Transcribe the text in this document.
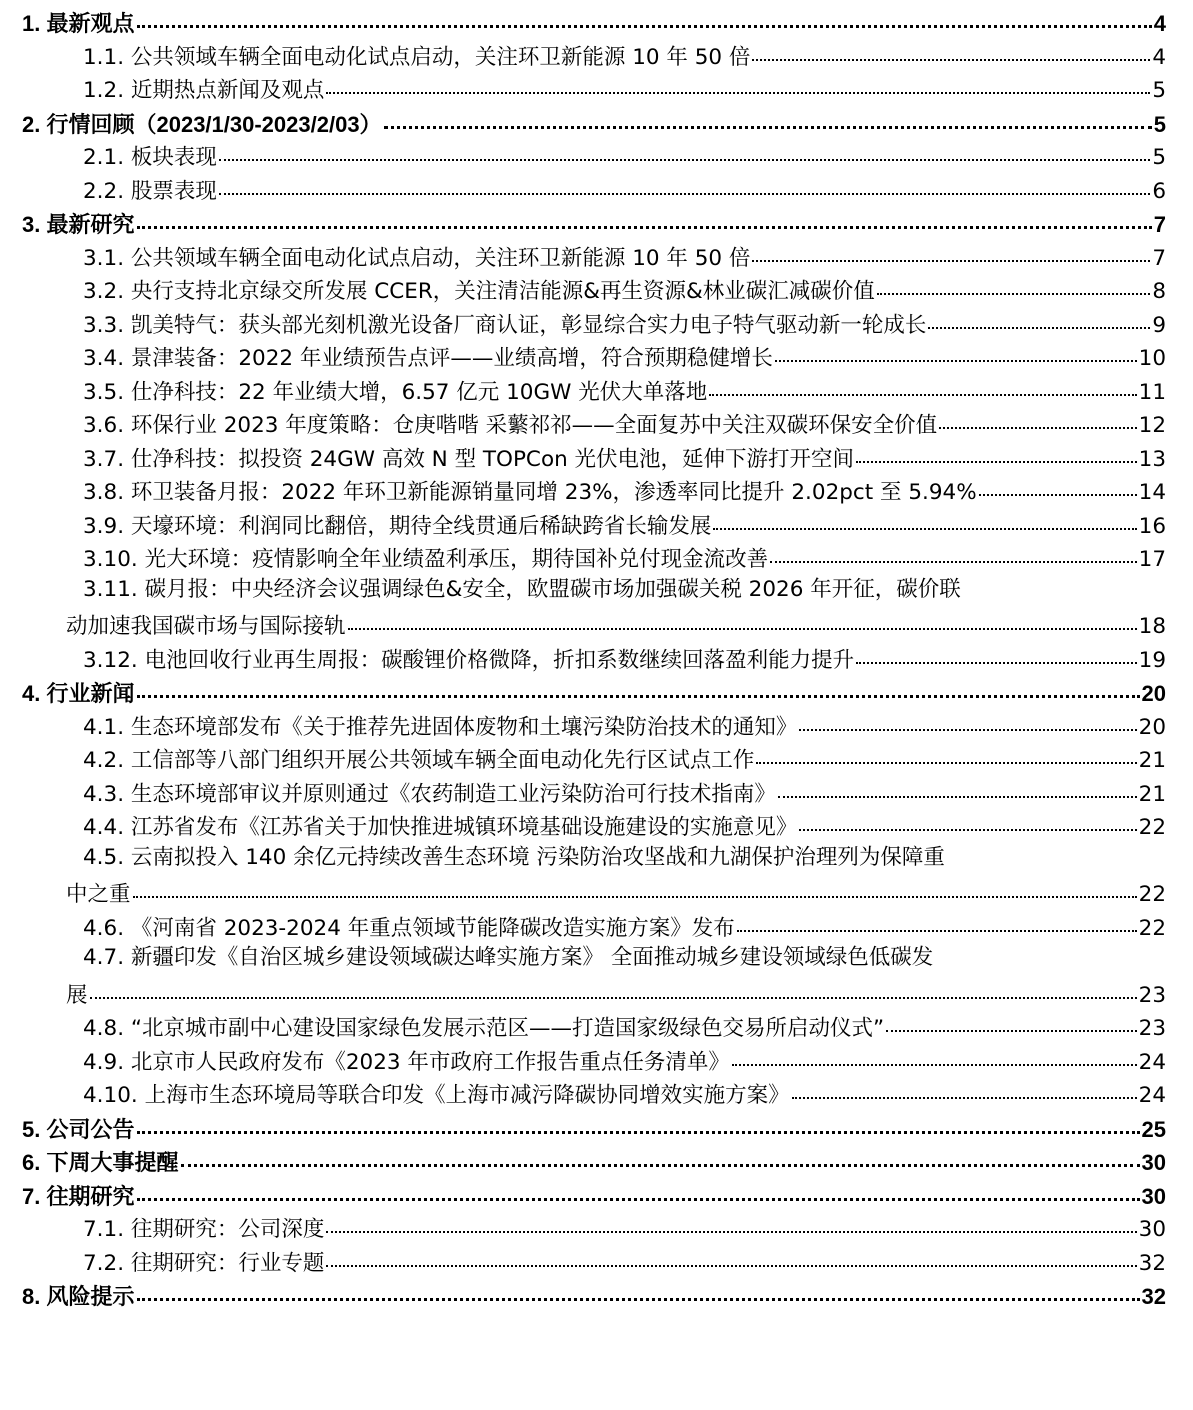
1. 最新观点	4
1.1. 公共领域车辆全面电动化试点启动，关注环卫新能源 10 年 50 倍	4
1.2. 近期热点新闻及观点	5
2. 行情回顾（2023/1/30-2023/2/03）	5
2.1. 板块表现	5
2.2. 股票表现	6
3. 最新研究	7
3.1. 公共领域车辆全面电动化试点启动，关注环卫新能源 10 年 50 倍	7
3.2. 央行支持北京绿交所发展 CCER，关注清洁能源&再生资源&林业碳汇减碳价值	8
3.3. 凯美特气：获头部光刻机激光设备厂商认证，彰显综合实力电子特气驱动新一轮成长	9
3.4. 景津装备：2022 年业绩预告点评——业绩高增，符合预期稳健增长	10
3.5. 仕净科技：22 年业绩大增，6.57 亿元 10GW 光伏大单落地	11
3.6. 环保行业 2023 年度策略：仓庚喈喈 采蘩祁祁——全面复苏中关注双碳环保安全价值	12
3.7. 仕净科技：拟投资 24GW 高效 N 型 TOPCon 光伏电池，延伸下游打开空间	13
3.8. 环卫装备月报：2022 年环卫新能源销量同增 23%，渗透率同比提升 2.02pct 至 5.94%	14
3.9. 天壕环境：利润同比翻倍，期待全线贯通后稀缺跨省长输发展	16
3.10. 光大环境：疫情影响全年业绩盈利承压，期待国补兑付现金流改善	17
3.11. 碳月报：中央经济会议强调绿色&安全，欧盟碳市场加强碳关税 2026 年开征，碳价联
动加速我国碳市场与国际接轨	18
3.12. 电池回收行业再生周报：碳酸锂价格微降，折扣系数继续回落盈利能力提升	19
4. 行业新闻	20
4.1. 生态环境部发布《关于推荐先进固体废物和土壤污染防治技术的通知》	20
4.2. 工信部等八部门组织开展公共领域车辆全面电动化先行区试点工作	21
4.3. 生态环境部审议并原则通过《农药制造工业污染防治可行技术指南》	21
4.4. 江苏省发布《江苏省关于加快推进城镇环境基础设施建设的实施意见》	22
4.5. 云南拟投入 140 余亿元持续改善生态环境 污染防治攻坚战和九湖保护治理列为保障重
中之重	22
4.6. 《河南省 2023-2024 年重点领域节能降碳改造实施方案》发布	22
4.7. 新疆印发《自治区城乡建设领域碳达峰实施方案》 全面推动城乡建设领域绿色低碳发
展	23
4.8. “北京城市副中心建设国家绿色发展示范区——打造国家级绿色交易所启动仪式”	23
4.9. 北京市人民政府发布《2023 年市政府工作报告重点任务清单》	24
4.10. 上海市生态环境局等联合印发《上海市减污降碳协同增效实施方案》	24
5. 公司公告	25
6. 下周大事提醒	30
7. 往期研究	30
7.1. 往期研究：公司深度	30
7.2. 往期研究：行业专题	32
8. 风险提示	32
